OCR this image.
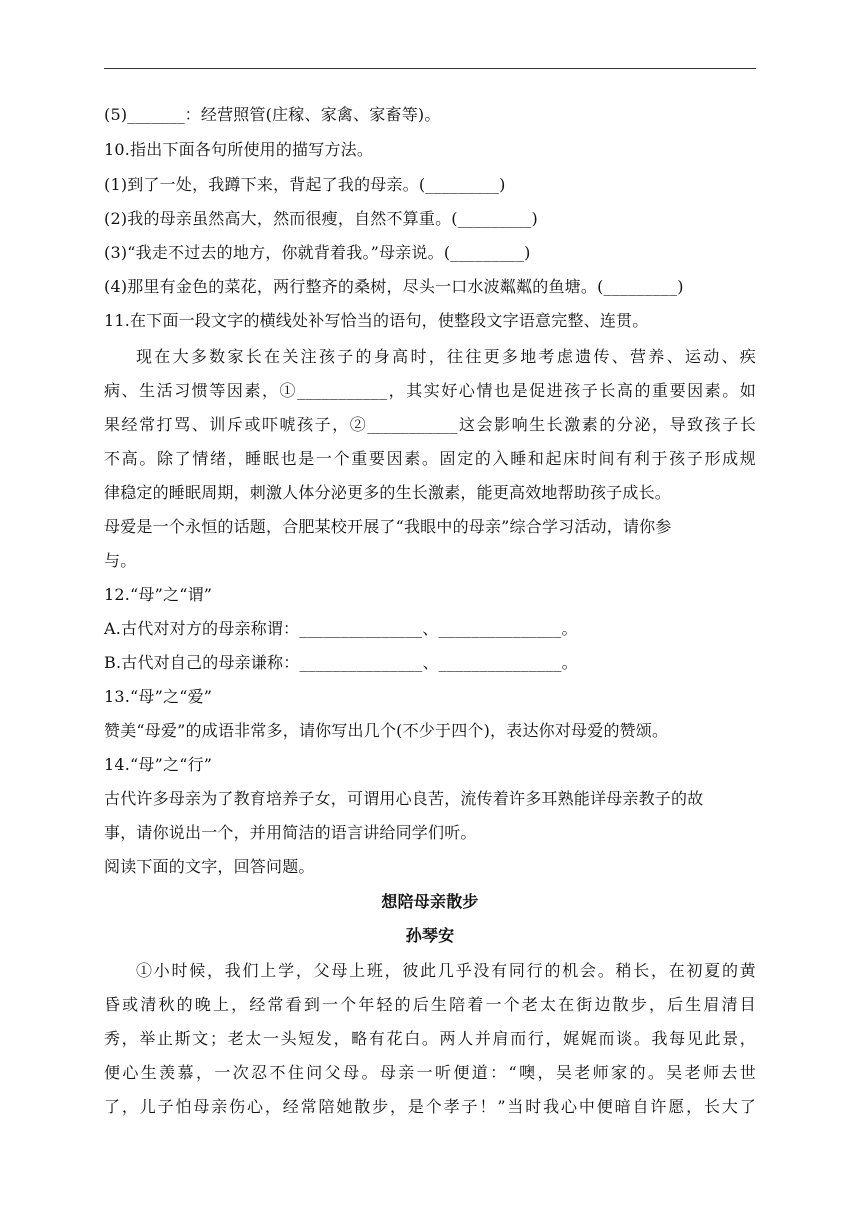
(5)_______：经营照管(庄稼、家禽、家畜等)。
10.指出下面各句所使用的描写方法。
(1)到了一处，我蹲下来，背起了我的母亲。(_________)
(2)我的母亲虽然高大，然而很瘦，自然不算重。(_________)
(3)“我走不过去的地方，你就背着我。”母亲说。(_________)
(4)那里有金色的菜花，两行整齐的桑树，尽头一口水波粼粼的鱼塘。(_________)
11.在下面一段文字的横线处补写恰当的语句，使整段文字语意完整、连贯。
现在大多数家长在关注孩子的身高时，往往更多地考虑遗传、营养、运动、疾
病、生活习惯等因素，①___________，其实好心情也是促进孩子长高的重要因素。如
果经常打骂、训斥或吓唬孩子，②___________这会影响生长激素的分泌，导致孩子长
不高。除了情绪，睡眠也是一个重要因素。固定的入睡和起床时间有利于孩子形成规
律稳定的睡眠周期，刺激人体分泌更多的生长激素，能更高效地帮助孩子成长。
母爱是一个永恒的话题，合肥某校开展了“我眼中的母亲”综合学习活动，请你参
与。
12.“母”之“谓”
A.古代对对方的母亲称谓：_______________、_______________。
B.古代对自己的母亲谦称：_______________、_______________。
13.“母”之“爱”
赞美“母爱”的成语非常多，请你写出几个(不少于四个)，表达你对母爱的赞颂。
14.“母”之“行”
古代许多母亲为了教育培养子女，可谓用心良苦，流传着许多耳熟能详母亲教子的故
事，请你说出一个，并用简洁的语言讲给同学们听。
阅读下面的文字，回答问题。
想陪母亲散步
孙琴安
①小时候，我们上学，父母上班，彼此几乎没有同行的机会。稍长，在初夏的黄
昏或清秋的晚上，经常看到一个年轻的后生陪着一个老太在街边散步，后生眉清目
秀，举止斯文；老太一头短发，略有花白。两人并肩而行，娓娓而谈。我每见此景，
便心生羡慕，一次忍不住问父母。母亲一听便道：“噢，吴老师家的。吴老师去世
了，儿子怕母亲伤心，经常陪她散步，是个孝子！”当时我心中便暗自许愿，长大了
